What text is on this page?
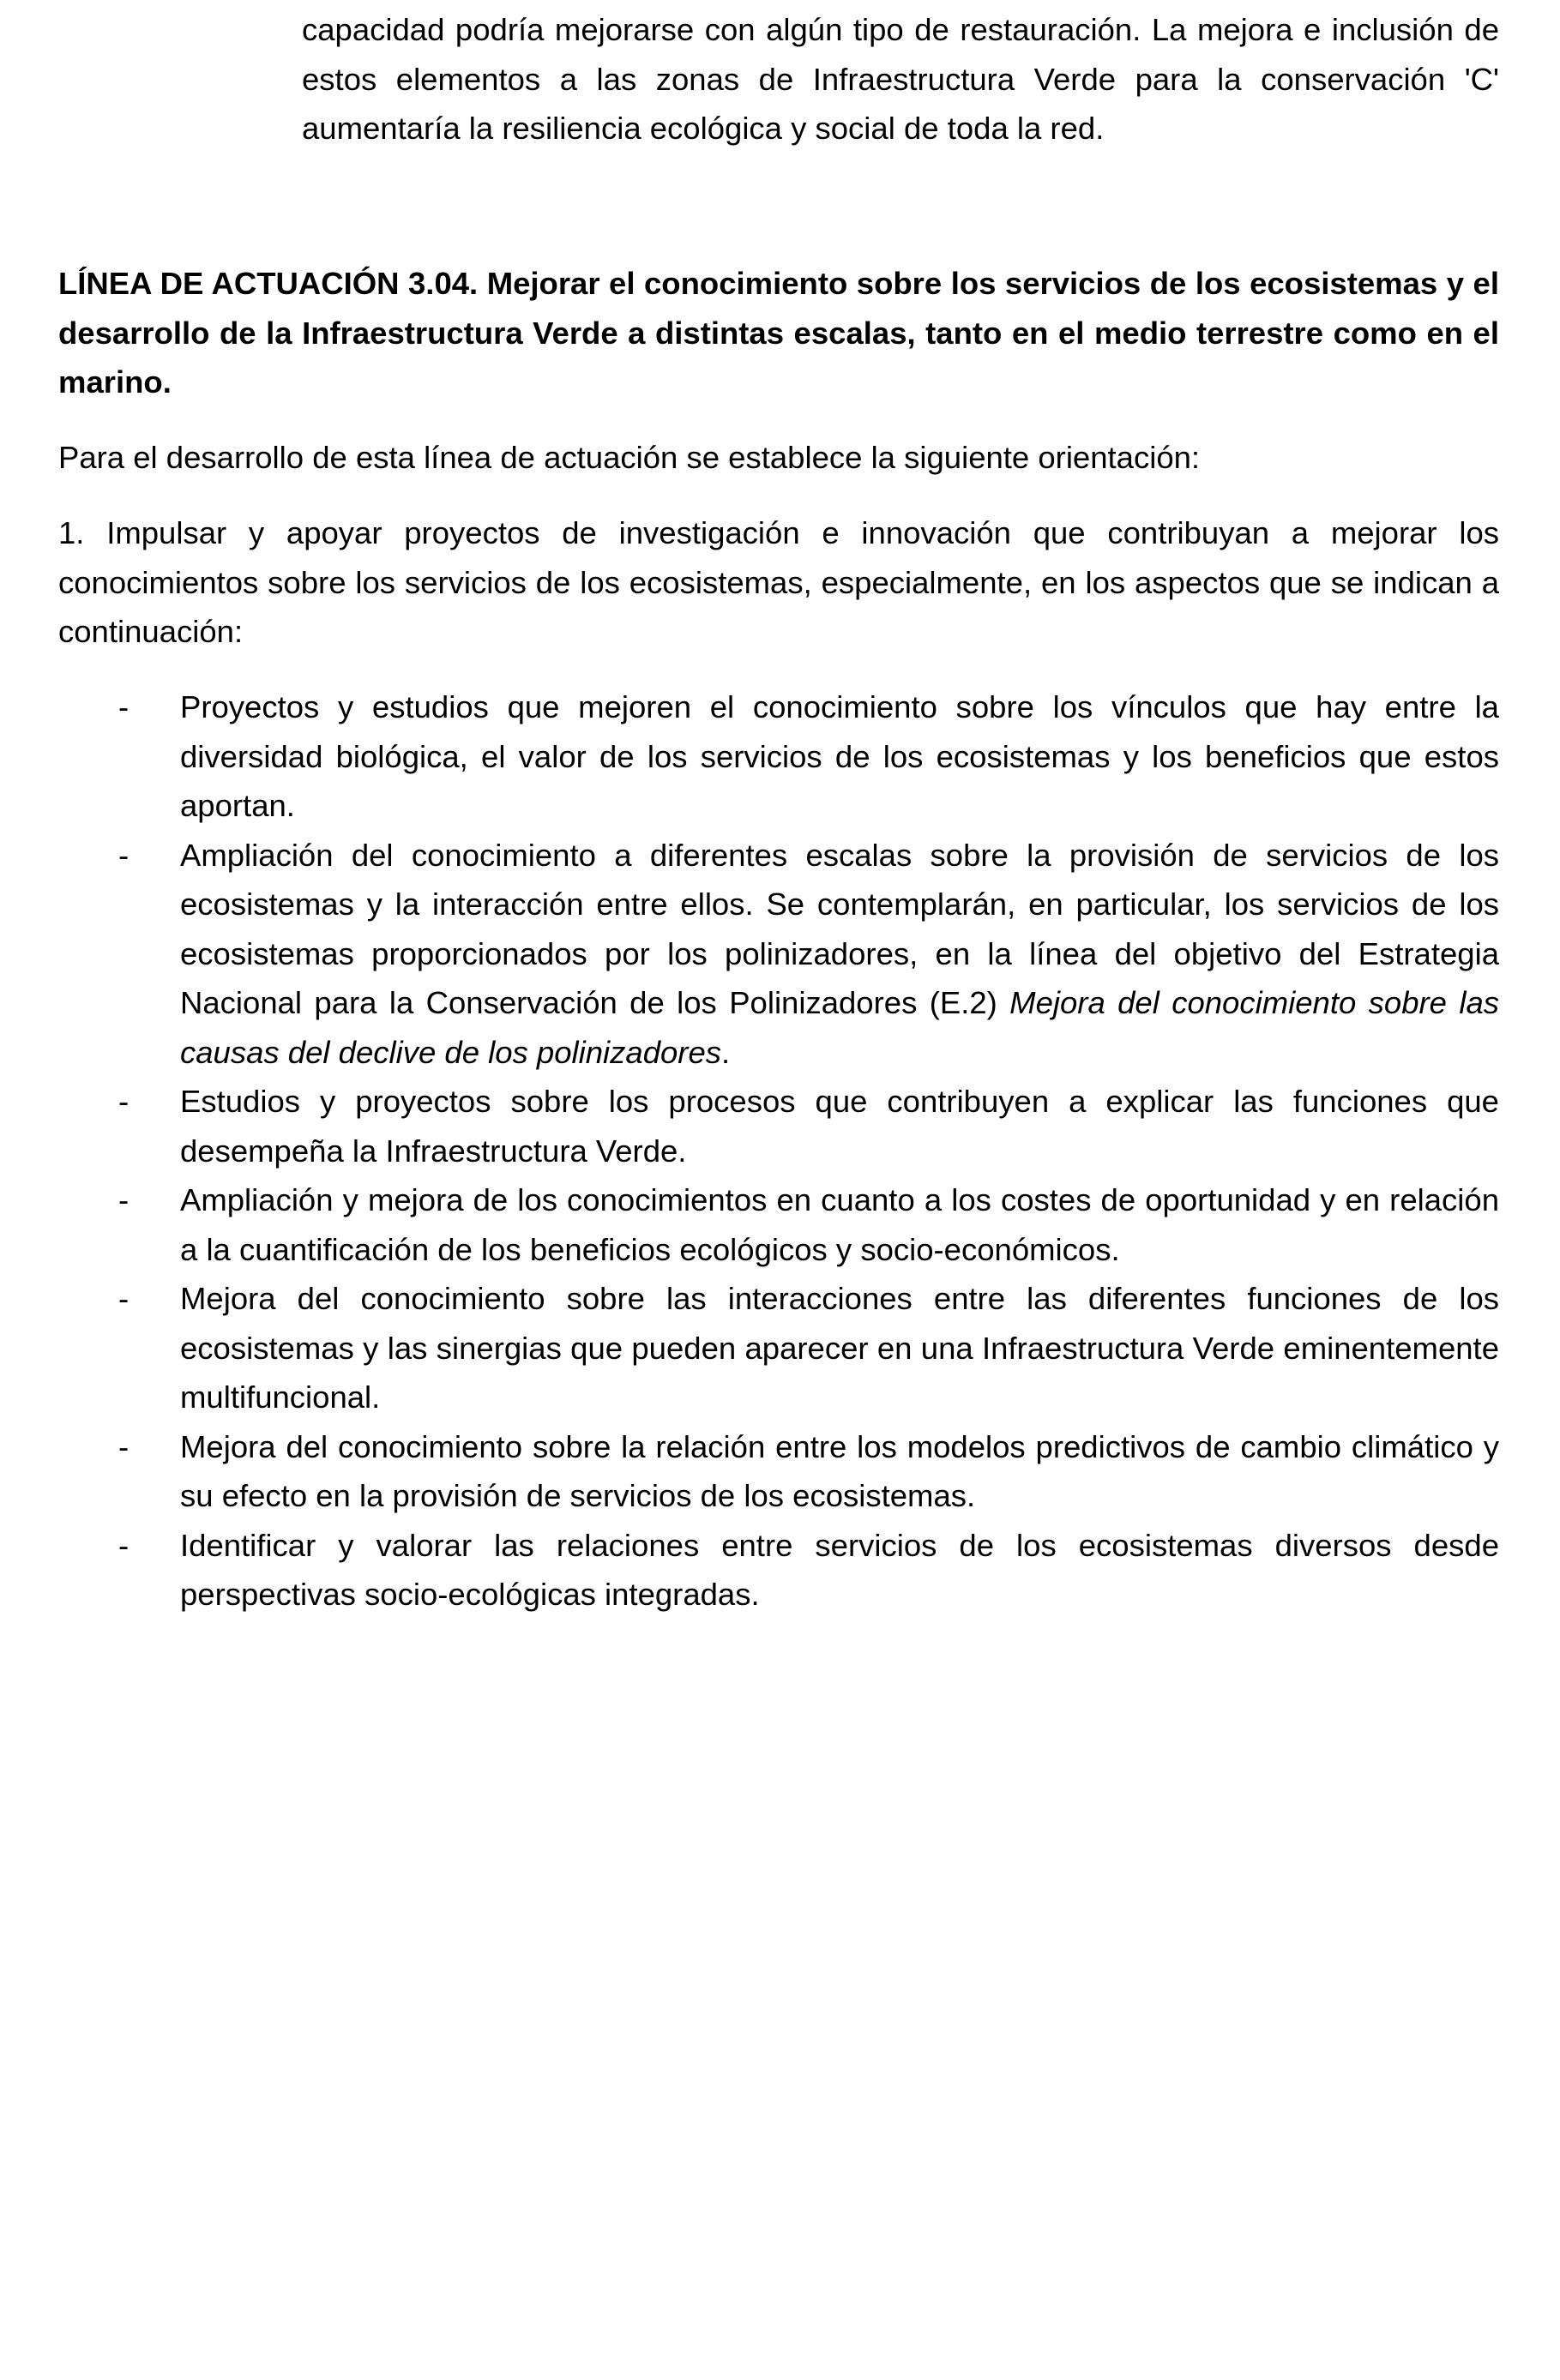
capacidad podría mejorarse con algún tipo de restauración. La mejora e inclusión de estos elementos a las zonas de Infraestructura Verde para la conservación 'C' aumentaría la resiliencia ecológica y social de toda la red.

LÍNEA DE ACTUACIÓN 3.04. Mejorar el conocimiento sobre los servicios de los ecosistemas y el desarrollo de la Infraestructura Verde a distintas escalas, tanto en el medio terrestre como en el marino.

Para el desarrollo de esta línea de actuación se establece la siguiente orientación:

1. Impulsar y apoyar proyectos de investigación e innovación que contribuyan a mejorar los conocimientos sobre los servicios de los ecosistemas, especialmente, en los aspectos que se indican a continuación:

- Proyectos y estudios que mejoren el conocimiento sobre los vínculos que hay entre la diversidad biológica, el valor de los servicios de los ecosistemas y los beneficios que estos aportan.
- Ampliación del conocimiento a diferentes escalas sobre la provisión de servicios de los ecosistemas y la interacción entre ellos. Se contemplarán, en particular, los servicios de los ecosistemas proporcionados por los polinizadores, en la línea del objetivo del Estrategia Nacional para la Conservación de los Polinizadores (E.2) Mejora del conocimiento sobre las causas del declive de los polinizadores.
- Estudios y proyectos sobre los procesos que contribuyen a explicar las funciones que desempeña la Infraestructura Verde.
- Ampliación y mejora de los conocimientos en cuanto a los costes de oportunidad y en relación a la cuantificación de los beneficios ecológicos y socio-económicos.
- Mejora del conocimiento sobre las interacciones entre las diferentes funciones de los ecosistemas y las sinergias que pueden aparecer en una Infraestructura Verde eminentemente multifuncional.
- Mejora del conocimiento sobre la relación entre los modelos predictivos de cambio climático y su efecto en la provisión de servicios de los ecosistemas.
- Identificar y valorar las relaciones entre servicios de los ecosistemas diversos desde perspectivas socio-ecológicas integradas.
